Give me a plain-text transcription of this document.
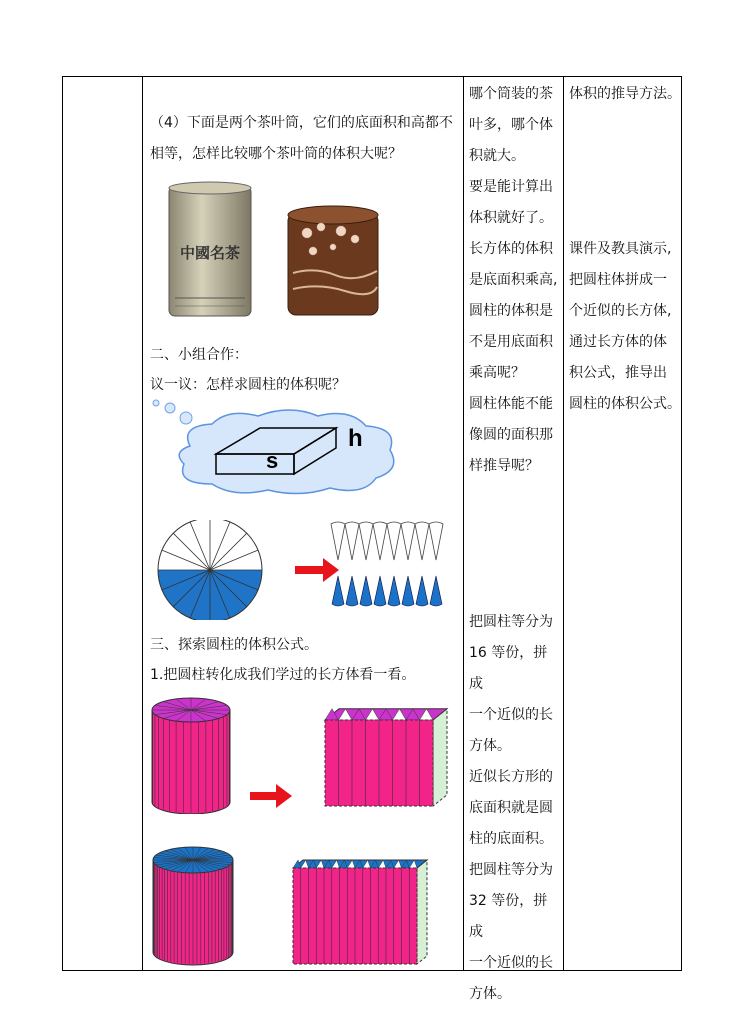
（4）下面是两个茶叶筒，它们的底面积和高都不
相等，怎样比较哪个茶叶筒的体积大呢？
中國名茶
二、小组合作：
议一议：怎样求圆柱的体积呢？
s
h
三、探索圆柱的体积公式。
1.把圆柱转化成我们学过的长方体看一看。
哪个筒装的茶
叶多，哪个体
积就大。
要是能计算出
体积就好了。
长方体的体积
是底面积乘高,
圆柱的体积是
不是用底面积
乘高呢？
圆柱体能不能
像圆的面积那
样推导呢？
把圆柱等分为
16 等份，拼成
一个近似的长
方体。
近似长方形的
底面积就是圆
柱的底面积。
把圆柱等分为
32 等份，拼成
一个近似的长
方体。
体积的推导方法。
课件及教具演示,
把圆柱体拼成一
个近似的长方体,
通过长方体的体
积公式，推导出
圆柱的体积公式。
